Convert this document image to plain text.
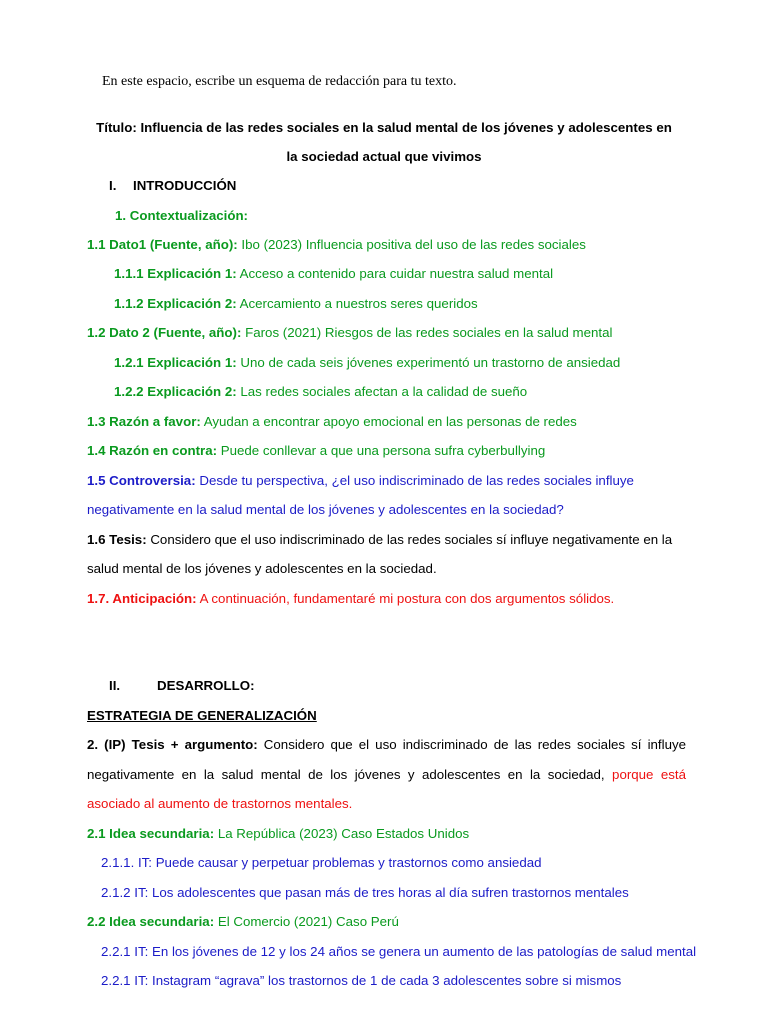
En este espacio, escribe un esquema de redacción para tu texto.
Título: Influencia de las redes sociales en la salud mental de los jóvenes y adolescentes en
la sociedad actual que vivimos
I. INTRODUCCIÓN
1. Contextualización:
1.1 Dato1 (Fuente, año): Ibo (2023) Influencia positiva del uso de las redes sociales
1.1.1 Explicación 1: Acceso a contenido para cuidar nuestra salud mental
1.1.2 Explicación 2: Acercamiento a nuestros seres queridos
1.2 Dato 2 (Fuente, año): Faros (2021) Riesgos de las redes sociales en la salud mental
1.2.1 Explicación 1: Uno de cada seis jóvenes experimentó un trastorno de ansiedad
1.2.2 Explicación 2: Las redes sociales afectan a la calidad de sueño
1.3 Razón a favor: Ayudan a encontrar apoyo emocional en las personas de redes
1.4 Razón en contra: Puede conllevar a que una persona sufra cyberbullying
1.5 Controversia: Desde tu perspectiva, ¿el uso indiscriminado de las redes sociales influye
negativamente en la salud mental de los jóvenes y adolescentes en la sociedad?
1.6 Tesis: Considero que el uso indiscriminado de las redes sociales sí influye negativamente en la
salud mental de los jóvenes y adolescentes en la sociedad.
1.7. Anticipación: A continuación, fundamentaré mi postura con dos argumentos sólidos.
II.	DESARROLLO:
ESTRATEGIA DE GENERALIZACIÓN
2. (IP) Tesis + argumento: Considero que el uso indiscriminado de las redes sociales sí influye
negativamente en la salud mental de los jóvenes y adolescentes en la sociedad, porque está
asociado al aumento de trastornos mentales.
2.1 Idea secundaria: La República (2023) Caso Estados Unidos
2.1.1. IT: Puede causar y perpetuar problemas y trastornos como ansiedad
2.1.2 IT: Los adolescentes que pasan más de tres horas al día sufren trastornos mentales
2.2 Idea secundaria: El Comercio (2021) Caso Perú
2.2.1 IT: En los jóvenes de 12 y los 24 años se genera un aumento de las patologías de salud mental
2.2.1 IT: Instagram “agrava” los trastornos de 1 de cada 3 adolescentes sobre si mismos
